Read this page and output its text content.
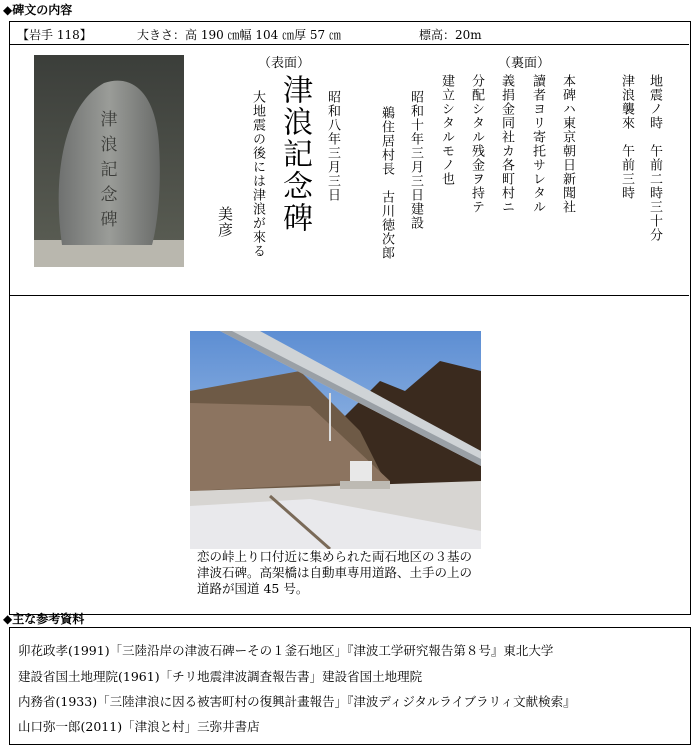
◆碑文の内容
【岩手 118】	大きさ：高 190 ㎝幅 104 ㎝厚 57 ㎝	標高：20m
津
浪
記
念
碑
（表面）
津浪記念碑
大地震の後には津浪が來る	昭和八年三月三日
美彦
（裏面）
地震ノ時　午前二時三十分
津浪襲來　午前三時
本碑ハ東京朝日新聞社
讀者ヨリ寄托サレタル
義捐金同社カ各町村ニ
分配シタル残金ヲ持テ
建立シタルモノ也
昭和十年三月三日建設
鵜住居村長　古川徳次郎
恋の峠上り口付近に集められた両石地区の３基の津波石碑。高架橋は自動車専用道路、土手の上の道路が国道 45 号。
◆主な参考資料
卯花政孝(1991)「三陸沿岸の津波石碑ーその１釜石地区」『津波工学研究報告第８号』東北大学
建設省国土地理院(1961)「チリ地震津波調査報告書」建設省国土地理院
内務省(1933)「三陸津浪に因る被害町村の復興計畫報告」『津波ディジタルライブラリィ文献検索』
山口弥一郎(2011)「津浪と村」三弥井書店
